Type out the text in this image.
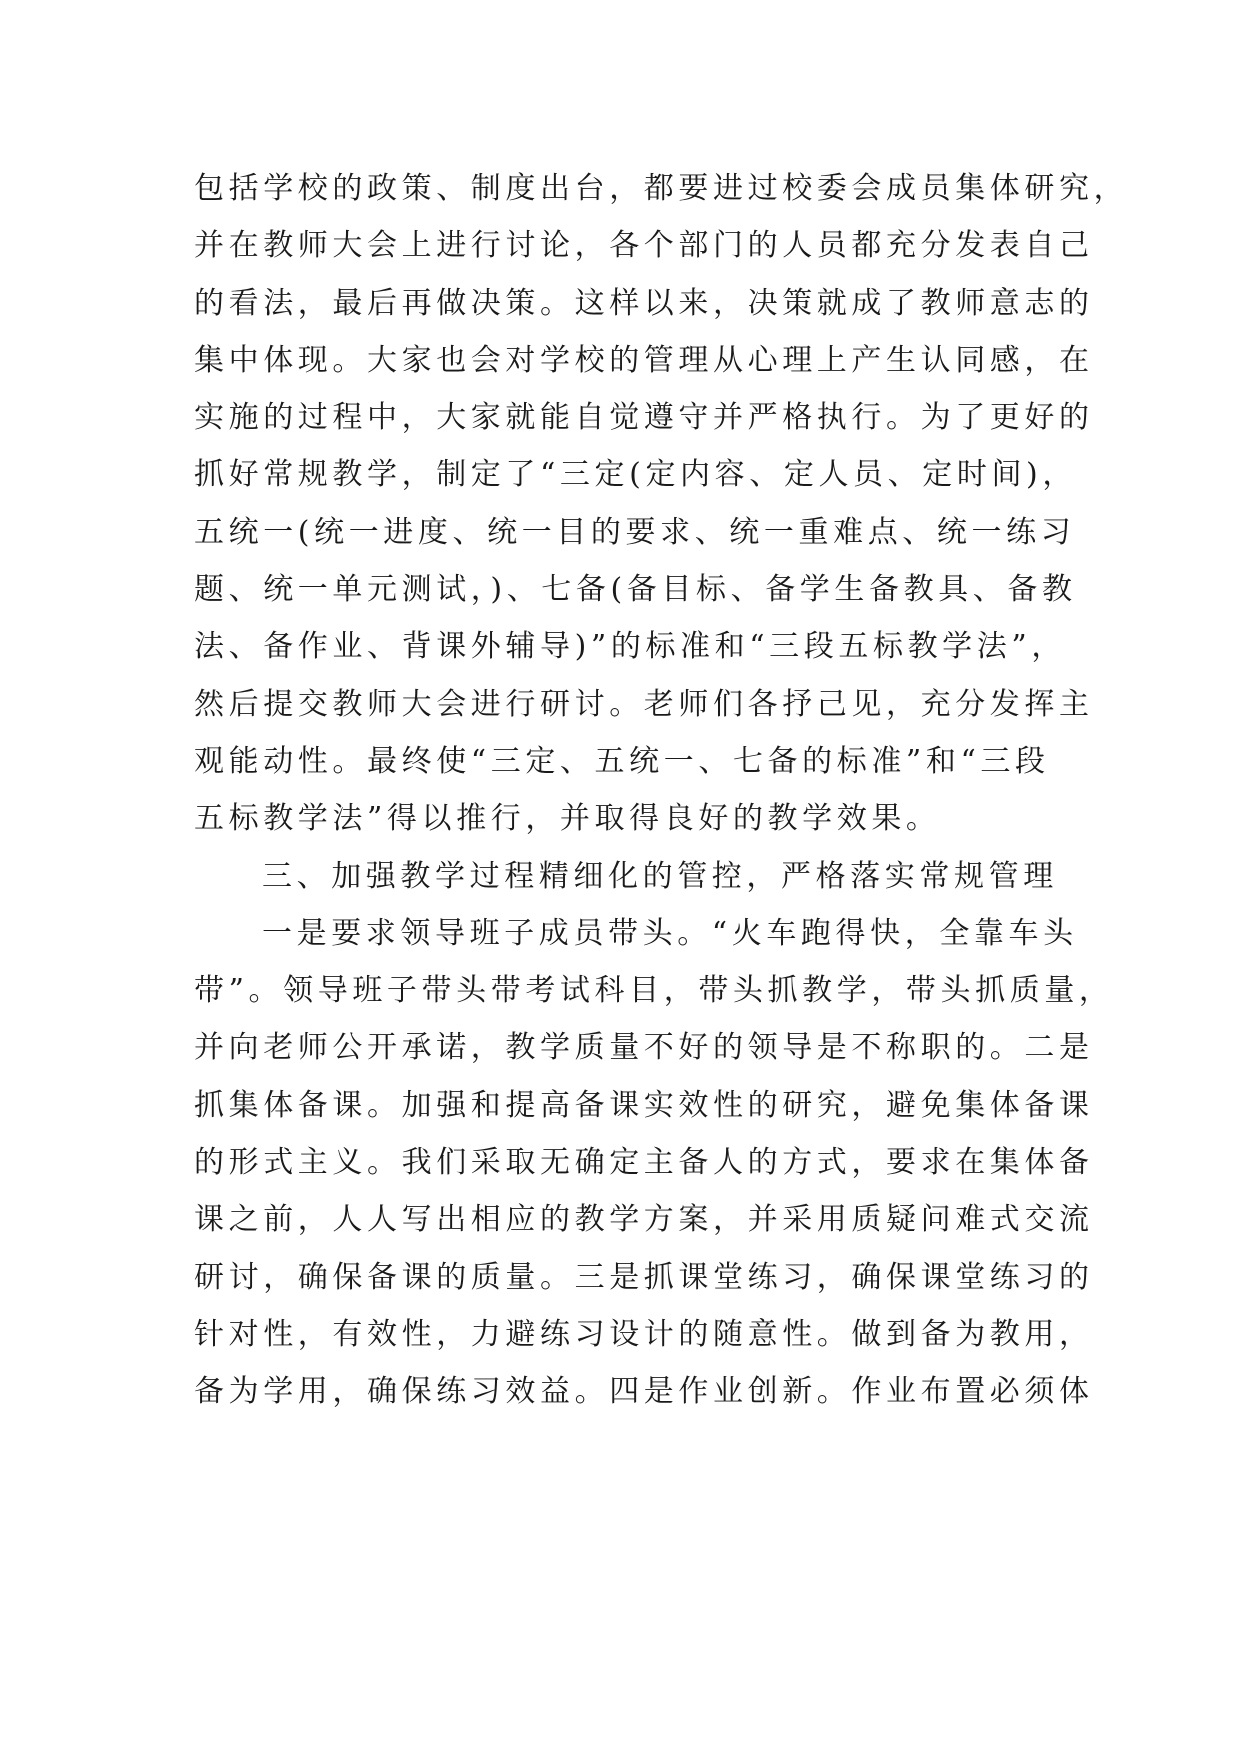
包括学校的政策、制度出台，都要进过校委会成员集体研究，
并在教师大会上进行讨论，各个部门的人员都充分发表自己
的看法，最后再做决策。这样以来，决策就成了教师意志的
集中体现。大家也会对学校的管理从心理上产生认同感，在
实施的过程中，大家就能自觉遵守并严格执行。为了更好的
抓好常规教学，制定了“三定(定内容、定人员、定时间)，
五统一(统一进度、统一目的要求、统一重难点、统一练习
题、统一单元测试，)、七备(备目标、备学生备教具、备教
法、备作业、背课外辅导)”的标准和“三段五标教学法”，
然后提交教师大会进行研讨。老师们各抒己见，充分发挥主
观能动性。最终使“三定、五统一、七备的标准”和“三段
五标教学法”得以推行，并取得良好的教学效果。
三、加强教学过程精细化的管控，严格落实常规管理
一是要求领导班子成员带头。“火车跑得快，全靠车头
带”。领导班子带头带考试科目，带头抓教学，带头抓质量，
并向老师公开承诺，教学质量不好的领导是不称职的。二是
抓集体备课。加强和提高备课实效性的研究，避免集体备课
的形式主义。我们采取无确定主备人的方式，要求在集体备
课之前，人人写出相应的教学方案，并采用质疑问难式交流
研讨，确保备课的质量。三是抓课堂练习，确保课堂练习的
针对性，有效性，力避练习设计的随意性。做到备为教用，
备为学用，确保练习效益。四是作业创新。作业布置必须体
